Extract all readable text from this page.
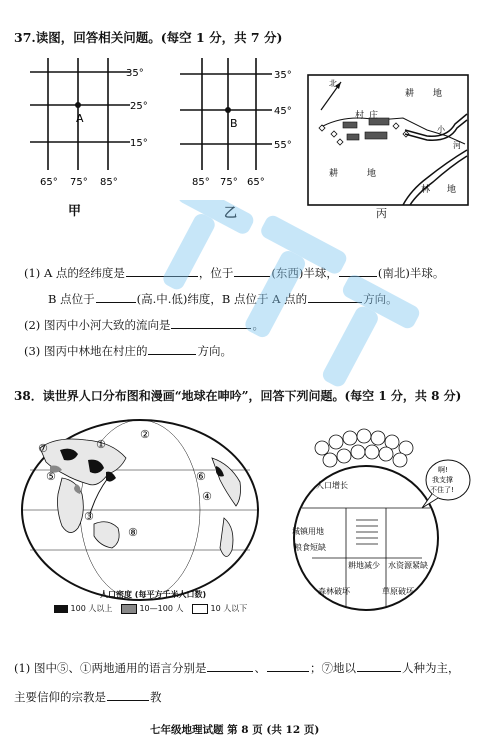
37.读图，回答相关问题。(每空 1 分，共 7 分)
A
35°
25°
15°
65° 75° 85°
甲
B
35°
45°
55°
85° 75° 65°
乙
北
耕 地
村 庄
耕	地
林 地
小
河
丙
(1) A 点的经纬度是	，位于	(东西)半球，	(南北)半球。
B 点位于	(高.中.低)纬度，B 点位于 A 点的	方向。
(2) 图丙中小河大致的流向是	。
(3) 图丙中林地在村庄的	方向。
38．读世界人口分布图和漫画“地球在呻吟”，回答下列问题。(每空 1 分，共 8 分)
②
⑦	①
⑤	⑥
③
④
⑧
人口密度 (每平方千米人口数)
100 人以上	10—100 人	10 人以下
人口增长
城镇用地
粮食短缺
耕地减少 水资源紧缺
森林破坏	草原破坏
啊!
我支撑
不住了!
(1) 图中⑤、①两地通用的语言分别是	、	；⑦地以	人种为主，
主要信仰的宗教是	教
七年级地理试题 第 8 页 (共 12 页)
